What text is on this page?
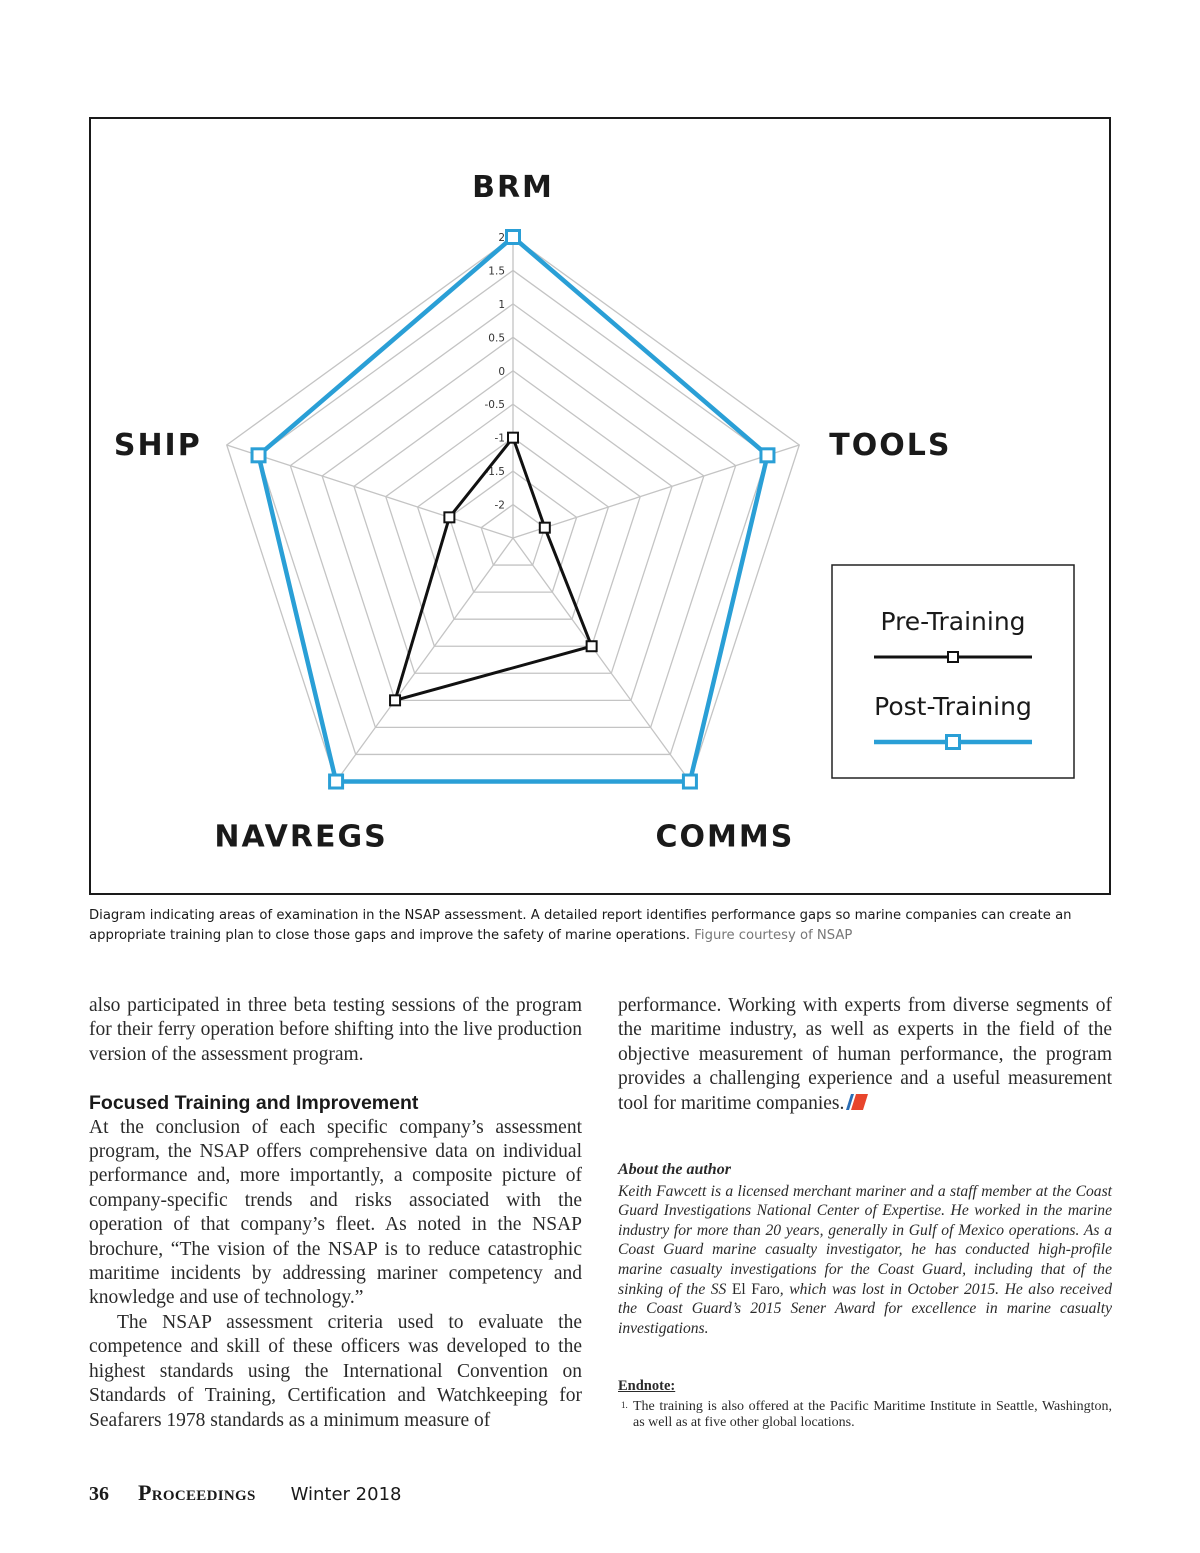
2
1.5
1
0.5
0
-0.5
-1
-1.5
-2
BRM
TOOLS
COMMS
NAVREGS
SHIP
Pre-Training
Post-Training
Diagram indicating areas of examination in the NSAP assessment. A detailed report identifies performance gaps so marine companies can create an appropriate training plan to close those gaps and improve the safety of marine operations. Figure courtesy of NSAP

also participated in three beta testing sessions of the program for their ferry operation before shifting into the live production version of the assessment program.

Focused Training and Improvement

At the conclusion of each specific company’s assessment program, the NSAP offers comprehensive data on individual performance and, more importantly, a composite picture of company-specific trends and risks associated with the operation of that company’s fleet. As noted in the NSAP brochure, “The vision of the NSAP is to reduce catastrophic maritime incidents by addressing mariner competency and knowledge and use of technology.”

The NSAP assessment criteria used to evaluate the competence and skill of these officers was developed to the highest standards using the International Convention on Standards of Training, Certification and Watchkeeping for Seafarers 1978 standards as a minimum measure of

performance. Working with experts from diverse segments of the maritime industry, as well as experts in the field of the objective measurement of human performance, the program provides a challenging experience and a useful measurement tool for maritime companies.

About the author

Keith Fawcett is a licensed merchant mariner and a staff member at the Coast Guard Investigations National Center of Expertise. He worked in the marine industry for more than 20 years, generally in Gulf of Mexico operations. As a Coast Guard marine casualty investigator, he has conducted high-profile marine casualty investigations for the Coast Guard, including that of the sinking of the SS El Faro, which was lost in October 2015. He also received the Coast Guard’s 2015 Sener Award for excellence in marine casualty investigations.

Endnote:
1. The training is also offered at the Pacific Maritime Institute in Seattle, Washington, as well as at five other global locations.
36 Proceedings Winter 2018
